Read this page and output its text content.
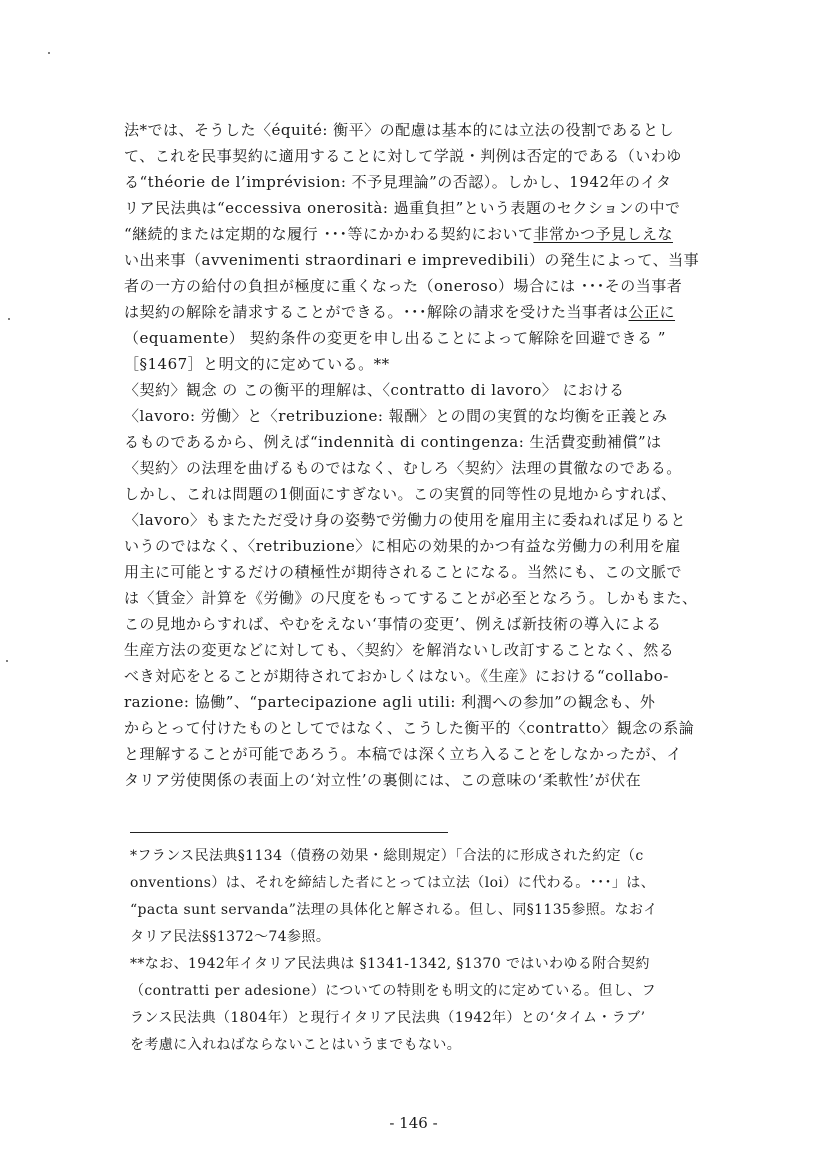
法*では、そうした〈équité: 衡平〉の配慮は基本的には立法の役割であるとし
て、これを民事契約に適用することに対して学説・判例は否定的である（いわゆ
る“théorie de l’imprévision: 不予見理論”の否認）。しかし、1942年のイタ
リア民法典は“eccessiva onerosità: 過重負担”という表題のセクションの中で
“継続的または定期的な履行 ･･･等にかかわる契約において非常かつ予見しえな
い出来事（avvenimenti straordinari e imprevedibili）の発生によって、当事
者の一方の給付の負担が極度に重くなった（oneroso）場合には ･･･その当事者
は契約の解除を請求することができる。･･･解除の請求を受けた当事者は公正に
（equamente） 契約条件の変更を申し出ることによって解除を回避できる ”
［§1467］と明文的に定めている。**
〈契約〉観念 の この衡平的理解は、〈contratto di lavoro〉 における
〈lavoro: 労働〉と〈retribuzione: 報酬〉との間の実質的な均衡を正義とみ
るものであるから、例えば“indennità di contingenza: 生活費変動補償”は
〈契約〉の法理を曲げるものではなく、むしろ〈契約〉法理の貫徹なのである。
しかし、これは問題の1側面にすぎない。この実質的同等性の見地からすれば、
〈lavoro〉もまたただ受け身の姿勢で労働力の使用を雇用主に委ねれば足りると
いうのではなく、〈retribuzione〉に相応の効果的かつ有益な労働力の利用を雇
用主に可能とするだけの積極性が期待されることになる。当然にも、この文脈で
は〈賃金〉計算を《労働》の尺度をもってすることが必至となろう。しかもまた、
この見地からすれば、やむをえない‘事情の変更’、例えば新技術の導入による
生産方法の変更などに対しても、〈契約〉を解消ないし改訂することなく、然る
べき対応をとることが期待されておかしくはない。《生産》における“collabo-
razione: 協働”、“partecipazione agli utili: 利潤への参加”の観念も、外
からとって付けたものとしてではなく、こうした衡平的〈contratto〉観念の系論
と理解することが可能であろう。本稿では深く立ち入ることをしなかったが、イ
タリア労使関係の表面上の‘対立性’の裏側には、この意味の‘柔軟性’が伏在
*フランス民法典§1134（債務の効果・総則規定）「合法的に形成された約定（c
onventions）は、それを締結した者にとっては立法（loi）に代わる。･･･」は、
“pacta sunt servanda”法理の具体化と解される。但し、同§1135参照。なおイ
タリア民法§§1372～74参照。
**なお、1942年イタリア民法典は §1341-1342, §1370 ではいわゆる附合契約
（contratti per adesione）についての特則をも明文的に定めている。但し、フ
ランス民法典（1804年）と現行イタリア民法典（1942年）との‘タイム・ラブ’
を考慮に入れねばならないことはいうまでもない。
- 146 -
